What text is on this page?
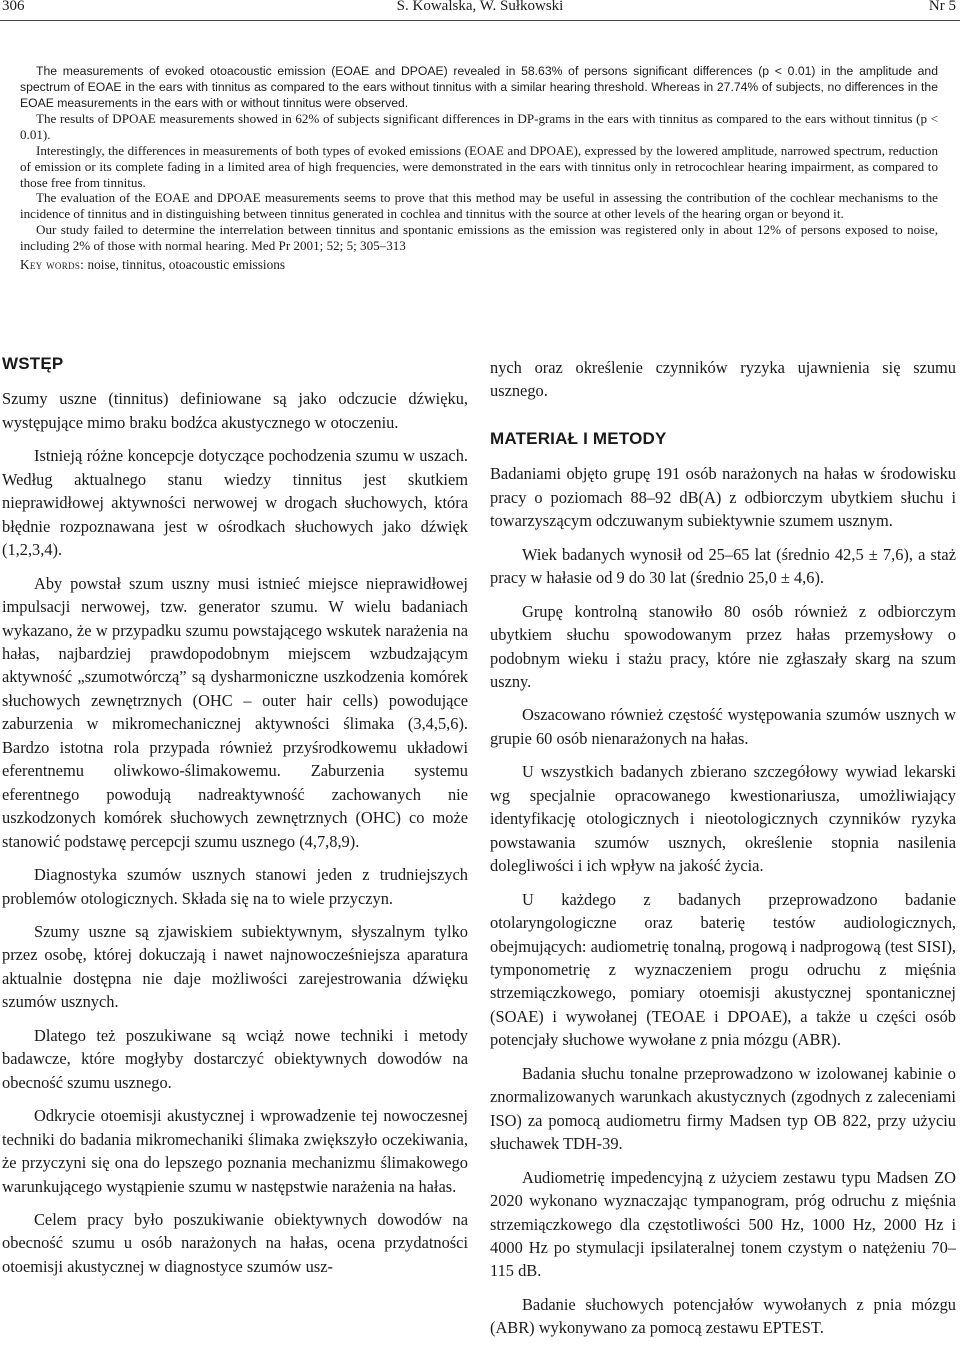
306	S. Kowalska, W. Sułkowski	Nr 5

The measurements of evoked otoacoustic emission (EOAE and DPOAE) revealed in 58.63% of persons significant differences (p < 0.01) in the amplitude and spectrum of EOAE in the ears with tinnitus as compared to the ears without tinnitus with a similar hearing threshold. Whereas in 27.74% of subjects, no differences in the EOAE measurements in the ears with or without tinnitus were observed.

The results of DPOAE measurements showed in 62% of subjects significant differences in DP-grams in the ears with tinnitus as compared to the ears without tinnitus (p < 0.01).

Interestingly, the differences in measurements of both types of evoked emissions (EOAE and DPOAE), expressed by the lowered amplitude, narrowed spectrum, reduction of emission or its complete fading in a limited area of high frequencies, were demonstrated in the ears with tinnitus only in retrocochlear hearing impairment, as compared to those free from tinnitus.

The evaluation of the EOAE and DPOAE measurements seems to prove that this method may be useful in assessing the contribution of the cochlear mechanisms to the incidence of tinnitus and in distinguishing between tinnitus generated in cochlea and tinnitus with the source at other levels of the hearing organ or beyond it.

Our study failed to determine the interrelation between tinnitus and spontanic emissions as the emission was registered only in about 12% of persons exposed to noise, including 2% of those with normal hearing. Med Pr 2001; 52; 5; 305–313

Key words: noise, tinnitus, otoacoustic emissions

WSTĘP

Szumy uszne (tinnitus) definiowane są jako odczucie dźwięku, występujące mimo braku bodźca akustycznego w otoczeniu.

Istnieją różne koncepcje dotyczące pochodzenia szumu w uszach. Według aktualnego stanu wiedzy tinnitus jest skutkiem nieprawidłowej aktywności nerwowej w drogach słuchowych, która błędnie rozpoznawana jest w ośrodkach słuchowych jako dźwięk (1,2,3,4).

Aby powstał szum uszny musi istnieć miejsce nieprawidłowej impulsacji nerwowej, tzw. generator szumu. W wielu badaniach wykazano, że w przypadku szumu powstającego wskutek narażenia na hałas, najbardziej prawdopodobnym miejscem wzbudzającym aktywność „szumotwórczą” są dysharmoniczne uszkodzenia komórek słuchowych zewnętrznych (OHC – outer hair cells) powodujące zaburzenia w mikromechanicznej aktywności ślimaka (3,4,5,6). Bardzo istotna rola przypada również przyśrodkowemu układowi eferentnemu oliwkowo-ślimakowemu. Zaburzenia systemu eferentnego powodują nadreaktywność zachowanych nie uszkodzonych komórek słuchowych zewnętrznych (OHC) co może stanowić podstawę percepcji szumu usznego (4,7,8,9).

Diagnostyka szumów usznych stanowi jeden z trudniejszych problemów otologicznych. Składa się na to wiele przyczyn.

Szumy uszne są zjawiskiem subiektywnym, słyszalnym tylko przez osobę, której dokuczają i nawet najnowocześniejsza aparatura aktualnie dostępna nie daje możliwości zarejestrowania dźwięku szumów usznych.

Dlatego też poszukiwane są wciąż nowe techniki i metody badawcze, które mogłyby dostarczyć obiektywnych dowodów na obecność szumu usznego.

Odkrycie otoemisji akustycznej i wprowadzenie tej nowoczesnej techniki do badania mikromechaniki ślimaka zwiększyło oczekiwania, że przyczyni się ona do lepszego poznania mechanizmu ślimakowego warunkującego wystąpienie szumu w następstwie narażenia na hałas.

Celem pracy było poszukiwanie obiektywnych dowodów na obecność szumu u osób narażonych na hałas, ocena przydatności otoemisji akustycznej w diagnostyce szumów usz-

nych oraz określenie czynników ryzyka ujawnienia się szumu usznego.

MATERIAŁ I METODY

Badaniami objęto grupę 191 osób narażonych na hałas w środowisku pracy o poziomach 88–92 dB(A) z odbiorczym ubytkiem słuchu i towarzyszącym odczuwanym subiektywnie szumem usznym.

Wiek badanych wynosił od 25–65 lat (średnio 42,5 ± 7,6), a staż pracy w hałasie od 9 do 30 lat (średnio 25,0 ± 4,6).

Grupę kontrolną stanowiło 80 osób również z odbiorczym ubytkiem słuchu spowodowanym przez hałas przemysłowy o podobnym wieku i stażu pracy, które nie zgłaszały skarg na szum uszny.

Oszacowano również częstość występowania szumów usznych w grupie 60 osób nienarażonych na hałas.

U wszystkich badanych zbierano szczegółowy wywiad lekarski wg specjalnie opracowanego kwestionariusza, umożliwiający identyfikację otologicznych i nieotologicznych czynników ryzyka powstawania szumów usznych, określenie stopnia nasilenia dolegliwości i ich wpływ na jakość życia.

U każdego z badanych przeprowadzono badanie otolaryngologiczne oraz baterię testów audiologicznych, obejmujących: audiometrię tonalną, progową i nadprogową (test SISI), tymponometrię z wyznaczeniem progu odruchu z mięśnia strzemiączkowego, pomiary otoemisji akustycznej spontanicznej (SOAE) i wywołanej (TEOAE i DPOAE), a także u części osób potencjały słuchowe wywołane z pnia mózgu (ABR).

Badania słuchu tonalne przeprowadzono w izolowanej kabinie o znormalizowanych warunkach akustycznych (zgodnych z zaleceniami ISO) za pomocą audiometru firmy Madsen typ OB 822, przy użyciu słuchawek TDH-39.

Audiometrię impedencyjną z użyciem zestawu typu Madsen ZO 2020 wykonano wyznaczając tympanogram, próg odruchu z mięśnia strzemiączkowego dla częstotliwości 500 Hz, 1000 Hz, 2000 Hz i 4000 Hz po stymulacji ipsilateralnej tonem czystym o natężeniu 70–115 dB.

Badanie słuchowych potencjałów wywołanych z pnia mózgu (ABR) wykonywano za pomocą zestawu EPTEST.
